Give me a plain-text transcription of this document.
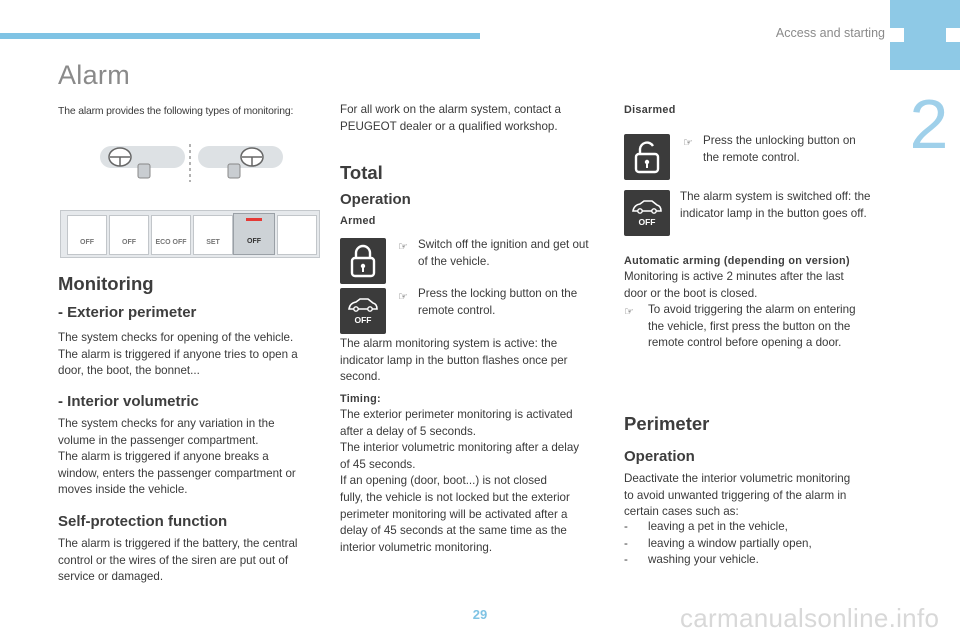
Access and starting
2
Alarm
The alarm provides the following types of monitoring:
OFF	OFF	ECO OFF	SET	OFF
Monitoring
- Exterior perimeter
The system checks for opening of the vehicle.
The alarm is triggered if anyone tries to open a
door, the boot, the bonnet...
- Interior volumetric
The system checks for any variation in the
volume in the passenger compartment.
The alarm is triggered if anyone breaks a
window, enters the passenger compartment or
moves inside the vehicle.
Self-protection function
The alarm is triggered if the battery, the central
control or the wires of the siren are put out of
service or damaged.
For all work on the alarm system, contact a
PEUGEOT dealer or a qualified workshop.
Total
Operation
Armed
☞ Switch off the ignition and get out
of the vehicle.
OFF
☞ Press the locking button on the
remote control.
The alarm monitoring system is active: the
indicator lamp in the button flashes once per
second.
Timing:
The exterior perimeter monitoring is activated
after a delay of 5 seconds.
The interior volumetric monitoring after a delay
of 45 seconds.
If an opening (door, boot...) is not closed
fully, the vehicle is not locked but the exterior
perimeter monitoring will be activated after a
delay of 45 seconds at the same time as the
interior volumetric monitoring.
Disarmed
☞ Press the unlocking button on
the remote control.
OFF
The alarm system is switched off: the
indicator lamp in the button goes off.
Automatic arming (depending on version)
Monitoring is active 2 minutes after the last
door or the boot is closed.
☞ To avoid triggering the alarm on entering
the vehicle, first press the button on the
remote control before opening a door.
Perimeter
Operation
Deactivate the interior volumetric monitoring
to avoid unwanted triggering of the alarm in
certain cases such as:
- leaving a pet in the vehicle,
- leaving a window partially open,
- washing your vehicle.
29	carmanualsonline.info
